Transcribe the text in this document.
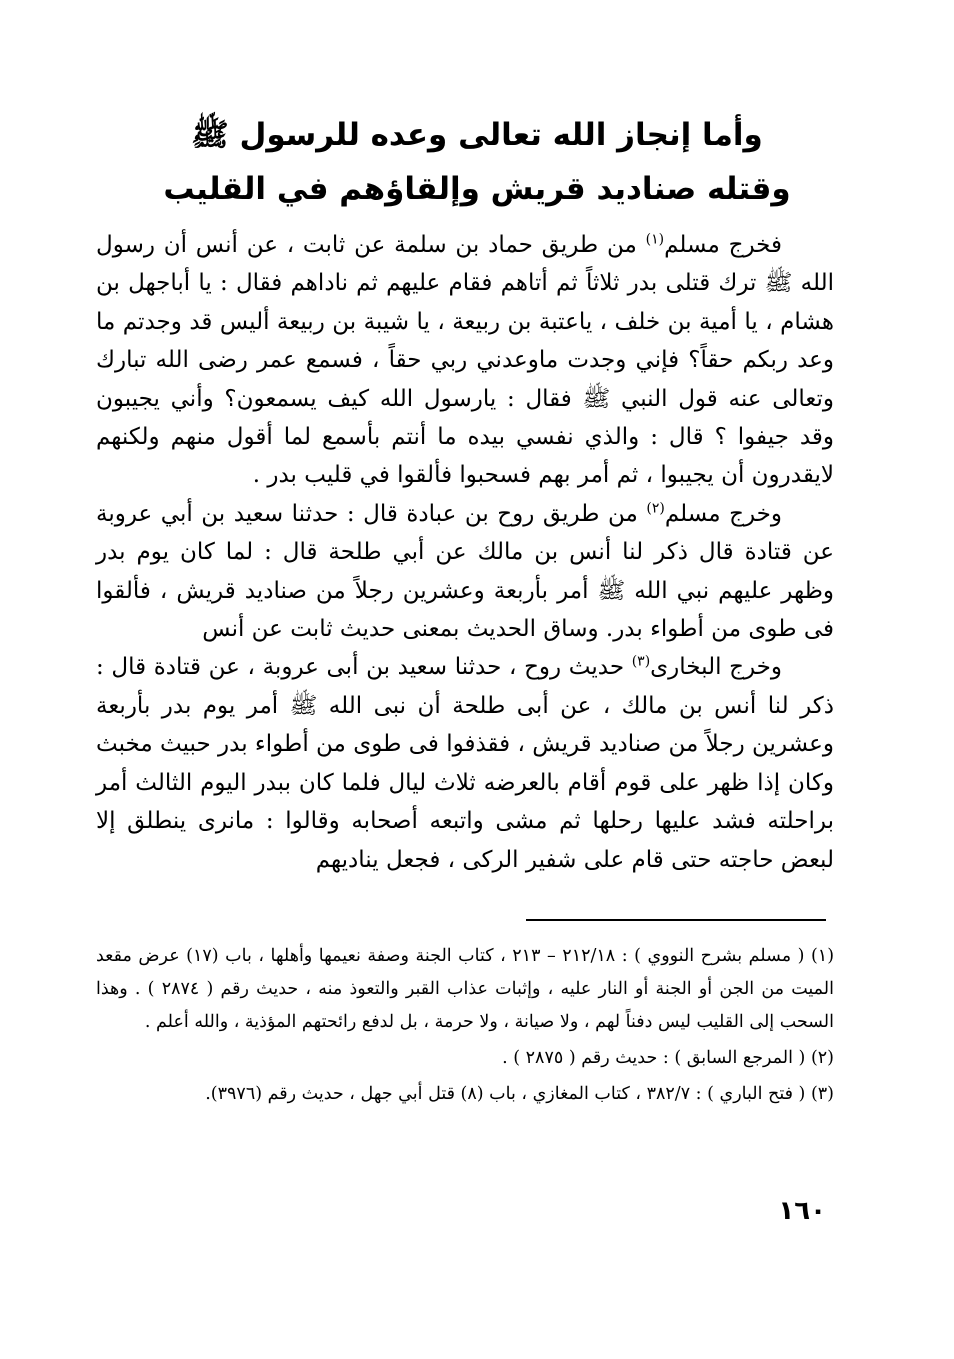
وأما إنجاز الله تعالى وعده للرسول ﷺ

وقتله صناديد قريش وإلقاؤهم في القليب

فخرج مسلم$^{(١)}$ من طريق حماد بن سلمة عن ثابت ، عن أنس أن رسول الله ﷺ ترك قتلى بدر ثلاثاً ثم أتاهم فقام عليهم ثم ناداهم فقال : يا أباجهل بن هشام ، يا أمية بن خلف ، ياعتبة بن ربيعة ، يا شيبة بن ربيعة أليس قد وجدتم ما وعد ربكم حقاً؟ فإني وجدت ماوعدني ربي حقاً ، فسمع عمر رضى الله تبارك وتعالى عنه قول النبي ﷺ فقال : يارسول الله كيف يسمعون؟ وأني يجيبون وقد جيفوا ؟ قال : والذي نفسي بيده ما أنتم بأسمع لما أقول منهم ولكنهم لايقدرون أن يجيبوا ، ثم أمر بهم فسحبوا فألقوا في قليب بدر .

وخرج مسلم$^{(٢)}$ من طريق روح بن عبادة قال : حدثنا سعيد بن أبي عروبة عن قتادة قال ذكر لنا أنس بن مالك عن أبي طلحة قال : لما كان يوم بدر وظهر عليهم نبي الله ﷺ أمر بأربعة وعشرين رجلاً من صناديد قريش ، فألقوا فى طوى من أطواء بدر. وساق الحديث بمعنى حديث ثابت عن أنس

وخرج البخارى$^{(٣)}$ حديث روح ، حدثنا سعيد بن أبى عروبة ، عن قتادة قال : ذكر لنا أنس بن مالك ، عن أبى طلحة أن نبى الله ﷺ أمر يوم بدر بأربعة وعشرين رجلاً من صناديد قريش ، فقذفوا فى طوى من أطواء بدر حبيث مخبث وكان إذا ظهر على قوم أقام بالعرضه ثلاث ليال فلما كان ببدر اليوم الثالث أمر براحلته فشد عليها رحلها ثم مشى واتبعه أصحابه وقالوا : مانرى ينطلق إلا لبعض حاجته حتى قام على شفير الركى ، فجعل يناديهم

(١) ( مسلم بشرح النووي ) : ٢١٢/١٨ – ٢١٣ ، كتاب الجنة وصفة نعيمها وأهلها ، باب (١٧) عرض مقعد الميت من الجن أو الجنة أو النار عليه ، وإثبات عذاب القبر والتعوذ منه ، حديث رقم ( ٢٨٧٤ ) . وهذا السحب إلى القليب ليس دفناً لهم ، ولا صيانة ، ولا حرمة ، بل لدفع رائحتهم المؤذية ، والله أعلم .

(٢) ( المرجع السابق ) : حديث رقم ( ٢٨٧٥ ) .

(٣) ( فتح الباري ) : ٣٨٢/٧ ، كتاب المغازي ، باب (٨) قتل أبي جهل ، حديث رقم (٣٩٧٦).

١٦٠
